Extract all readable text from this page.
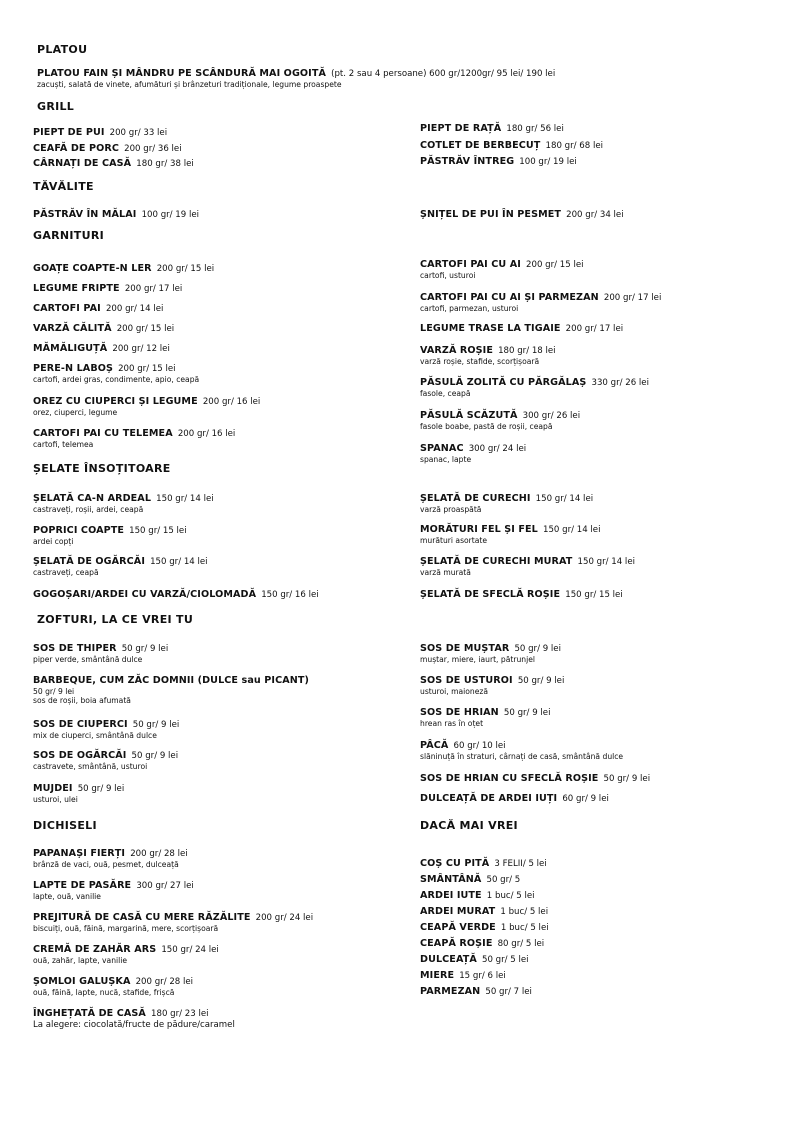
PLATOU
PLATOU FAIN ȘI MÂNDRU PE SCÂNDURĂ MAI OGOITĂ (pt. 2 sau 4 persoane) 600 gr/1200gr/ 95 lei/ 190 lei
zacuști, salată de vinete, afumături și brânzeturi tradiționale, legume proaspete
GRILL
PIEPT DE PUI 200 gr/ 33 lei
CEAFĂ DE PORC 200 gr/ 36 lei
CÂRNAȚI DE CASĂ 180 gr/ 38 lei
PIEPT DE RAȚĂ 180 gr/ 56 lei
COTLET DE BERBECUȚ 180 gr/ 68 lei
PĂSTRĂV ÎNTREG 100 gr/ 19 lei
TĂVĂLITE
PĂSTRĂV ÎN MĂLAI 100 gr/ 19 lei	ȘNIȚEL DE PUI ÎN PESMET 200 gr/ 34 lei
GARNITURI
GOAȚE COAPTE-N LER 200 gr/ 15 lei
LEGUME FRIPTE 200 gr/ 17 lei
CARTOFI PAI 200 gr/ 14 lei
VARZĂ CĂLITĂ 200 gr/ 15 lei
MĂMĂLIGUȚĂ 200 gr/ 12 lei
PERE-N LABOȘ 200 gr/ 15 lei
cartofi, ardei gras, condimente, apio, ceapă
OREZ CU CIUPERCI ȘI LEGUME 200 gr/ 16 lei
orez, ciuperci, legume
CARTOFI PAI CU TELEMEA 200 gr/ 16 lei
cartofi, telemea
CARTOFI PAI CU AI 200 gr/ 15 lei
cartofi, usturoi
CARTOFI PAI CU AI ȘI PARMEZAN 200 gr/ 17 lei
cartofi, parmezan, usturoi
LEGUME TRASE LA TIGAIE 200 gr/ 17 lei
VARZĂ ROȘIE 180 gr/ 18 lei
varză roșie, stafide, scorțișoară
PĂSULĂ ZOLITĂ CU PĂRGĂLAȘ 330 gr/ 26 lei
fasole, ceapă
PĂSULĂ SCĂZUTĂ 300 gr/ 26 lei
fasole boabe, pastă de roșii, ceapă
SPANAC 300 gr/ 24 lei
spanac, lapte
ȘELATE ÎNSOȚITOARE
ȘELATĂ CA-N ARDEAL 150 gr/ 14 lei
castraveți, roșii, ardei, ceapă
POPRICI COAPTE 150 gr/ 15 lei
ardei copți
ȘELATĂ DE OGĂRCĂI 150 gr/ 14 lei
castraveți, ceapă
GOGOȘARI/ARDEI CU VARZĂ/CIOLOMADĂ 150 gr/ 16 lei
ȘELATĂ DE CURECHI 150 gr/ 14 lei
varză proaspătă
MORĂTURI FEL ȘI FEL 150 gr/ 14 lei
murături asortate
ȘELATĂ DE CURECHI MURAT 150 gr/ 14 lei
varză murată
ȘELATĂ DE SFECLĂ ROȘIE 150 gr/ 15 lei
ZOFTURI, LA CE VREI TU
SOS DE THIPER 50 gr/ 9 lei
piper verde, smântână dulce
BARBEQUE, CUM ZĂC DOMNII (DULCE sau PICANT)
50 gr/ 9 lei
sos de roșii, boia afumată
SOS DE CIUPERCI 50 gr/ 9 lei
mix de ciuperci, smântână dulce
SOS DE OGĂRCĂI 50 gr/ 9 lei
castravete, smântână, usturoi
MUJDEI 50 gr/ 9 lei
usturoi, ulei
SOS DE MUȘTAR 50 gr/ 9 lei
muștar, miere, iaurt, pătrunjel
SOS DE USTUROI 50 gr/ 9 lei
usturoi, maioneză
SOS DE HRIAN 50 gr/ 9 lei
hrean ras în oțet
PÂCĂ 60 gr/ 10 lei
slăninuță în straturi, cârnați de casă, smântână dulce
SOS DE HRIAN CU SFECLĂ ROȘIE 50 gr/ 9 lei
DULCEAȚĂ DE ARDEI IUȚI 60 gr/ 9 lei
DICHISELI
PAPANAȘI FIERȚI 200 gr/ 28 lei
brânză de vaci, ouă, pesmet, dulceață
LAPTE DE PASĂRE 300 gr/ 27 lei
lapte, ouă, vanilie
PREJITURĂ DE CASĂ CU MERE RĂZĂLITE 200 gr/ 24 lei
biscuiți, ouă, făină, margarină, mere, scorțișoară
CREMĂ DE ZAHĂR ARS 150 gr/ 24 lei
ouă, zahăr, lapte, vanilie
ȘOMLOI GALUȘKA 200 gr/ 28 lei
ouă, făină, lapte, nucă, stafide, frișcă
ÎNGHEȚATĂ DE CASĂ 180 gr/ 23 lei
La alegere: ciocolată/fructe de pădure/caramel
DACĂ MAI VREI
COȘ CU PITĂ 3 FELII/ 5 lei
SMÂNTÂNĂ 50 gr/ 5
ARDEI IUTE 1 buc/ 5 lei
ARDEI MURAT 1 buc/ 5 lei
CEAPĂ VERDE 1 buc/ 5 lei
CEAPĂ ROȘIE 80 gr/ 5 lei
DULCEAȚĂ 50 gr/ 5 lei
MIERE 15 gr/ 6 lei
PARMEZAN 50 gr/ 7 lei
